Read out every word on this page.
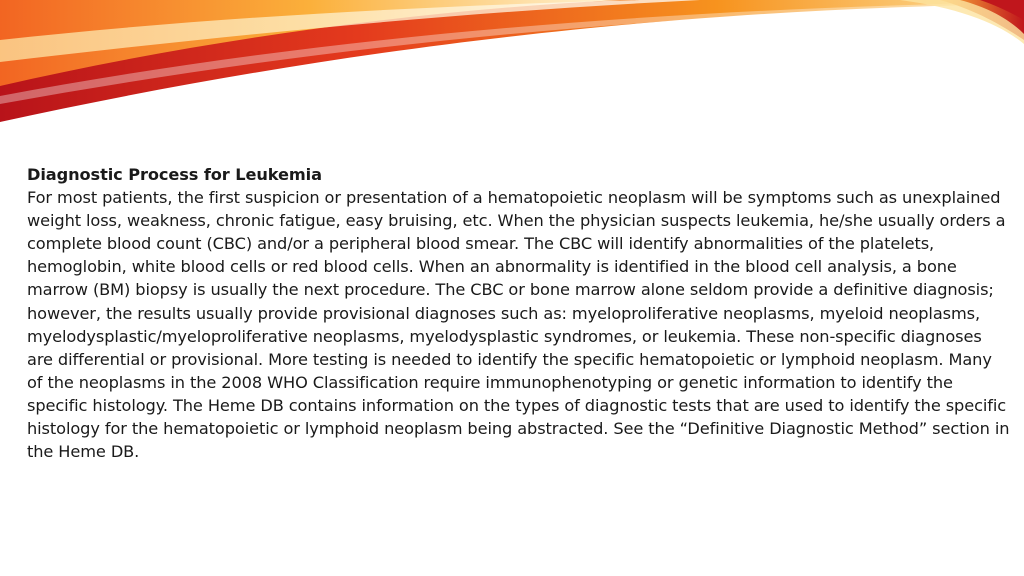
Diagnostic Process for Leukemia
For most patients, the first suspicion or presentation of a hematopoietic neoplasm will be symptoms such as unexplained weight loss, weakness, chronic fatigue, easy bruising, etc. When the physician suspects leukemia, he/she usually orders a complete blood count (CBC) and/or a peripheral blood smear. The CBC will identify abnormalities of the platelets, hemoglobin, white blood cells or red blood cells. When an abnormality is identified in the blood cell analysis, a bone marrow (BM) biopsy is usually the next procedure. The CBC or bone marrow alone seldom provide a definitive diagnosis; however, the results usually provide provisional diagnoses such as: myeloproliferative neoplasms, myeloid neoplasms, myelodysplastic/myeloproliferative neoplasms, myelodysplastic syndromes, or leukemia. These non-specific diagnoses are differential or provisional. More testing is needed to identify the specific hematopoietic or lymphoid neoplasm. Many of the neoplasms in the 2008 WHO Classification require immunophenotyping or genetic information to identify the specific histology. The Heme DB contains information on the types of diagnostic tests that are used to identify the specific histology for the hematopoietic or lymphoid neoplasm being abstracted. See the “Definitive Diagnostic Method” section in the Heme DB.
